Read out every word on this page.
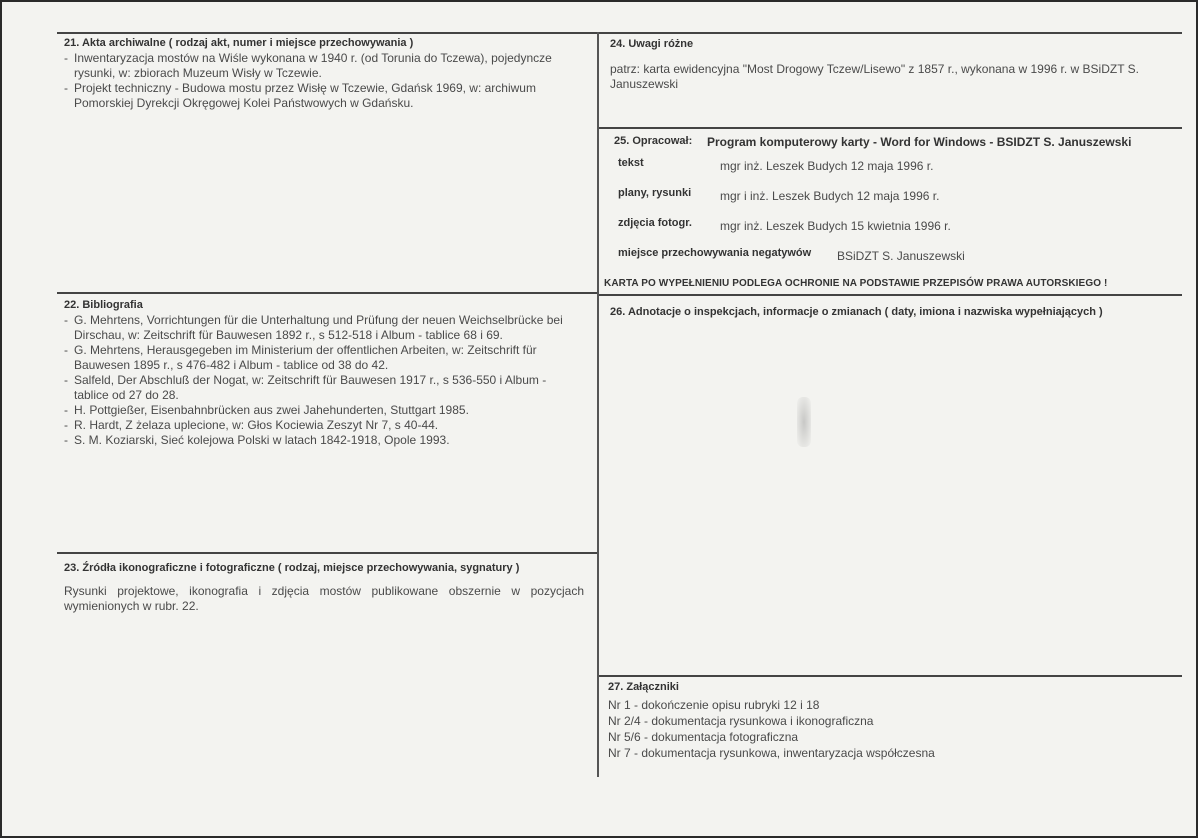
21. Akta archiwalne ( rodzaj akt, numer i miejsce przechowywania )
- Inwentaryzacja mostów na Wiśle wykonana w 1940 r. (od Torunia do Tczewa), pojedyncze rysunki, w: zbiorach Muzeum Wisły w Tczewie.
- Projekt techniczny - Budowa mostu przez Wisłę w Tczewie, Gdańsk 1969, w: archiwum Pomorskiej Dyrekcji Okręgowej Kolei Państwowych w Gdańsku.
22. Bibliografia
- G. Mehrtens, Vorrichtungen für die Unterhaltung und Prüfung der neuen Weichselbrücke bei Dirschau, w: Zeitschrift für Bauwesen 1892 r., s 512-518 i Album - tablice 68 i 69.
- G. Mehrtens, Herausgegeben im Ministerium der offentlichen Arbeiten, w: Zeitschrift für Bauwesen 1895 r., s 476-482 i Album - tablice od 38 do 42.
- Salfeld, Der Abschluß der Nogat, w: Zeitschrift für Bauwesen 1917 r., s 536-550 i Album - tablice od 27 do 28.
- H. Pottgießer, Eisenbahnbrücken aus zwei Jahehunderten, Stuttgart 1985.
- R. Hardt, Z żelaza uplecione, w: Głos Kociewia Zeszyt Nr 7, s 40-44.
- S. M. Koziarski, Sieć kolejowa Polski w latach 1842-1918, Opole 1993.
23. Źródła ikonograficzne i fotograficzne ( rodzaj, miejsce przechowywania, sygnatury )
Rysunki projektowe, ikonografia i zdjęcia mostów publikowane obszernie w pozycjach wymienionych w rubr. 22.
24. Uwagi różne
patrz: karta ewidencyjna "Most Drogowy Tczew/Lisewo" z 1857 r., wykonana w 1996 r. w BSiDZT S. Januszewski
25. Opracował: Program komputerowy karty - Word for Windows - BSIDZT S. Januszewski
tekst	mgr inż. Leszek Budych 12 maja 1996 r.
plany, rysunki mgr i inż. Leszek Budych 12 maja 1996 r.
zdjęcia fotogr. mgr inż. Leszek Budych 15 kwietnia 1996 r.
miejsce przechowywania negatywów BSiDZT S. Januszewski
KARTA PO WYPEŁNIENIU PODLEGA OCHRONIE NA PODSTAWIE PRZEPISÓW PRAWA AUTORSKIEGO !
26. Adnotacje o inspekcjach, informacje o zmianach ( daty, imiona i nazwiska wypełniających )
27. Załączniki
Nr 1 - dokończenie opisu rubryki 12 i 18
Nr 2/4 - dokumentacja rysunkowa i ikonograficzna
Nr 5/6 - dokumentacja fotograficzna
Nr 7 - dokumentacja rysunkowa, inwentaryzacja współczesna
